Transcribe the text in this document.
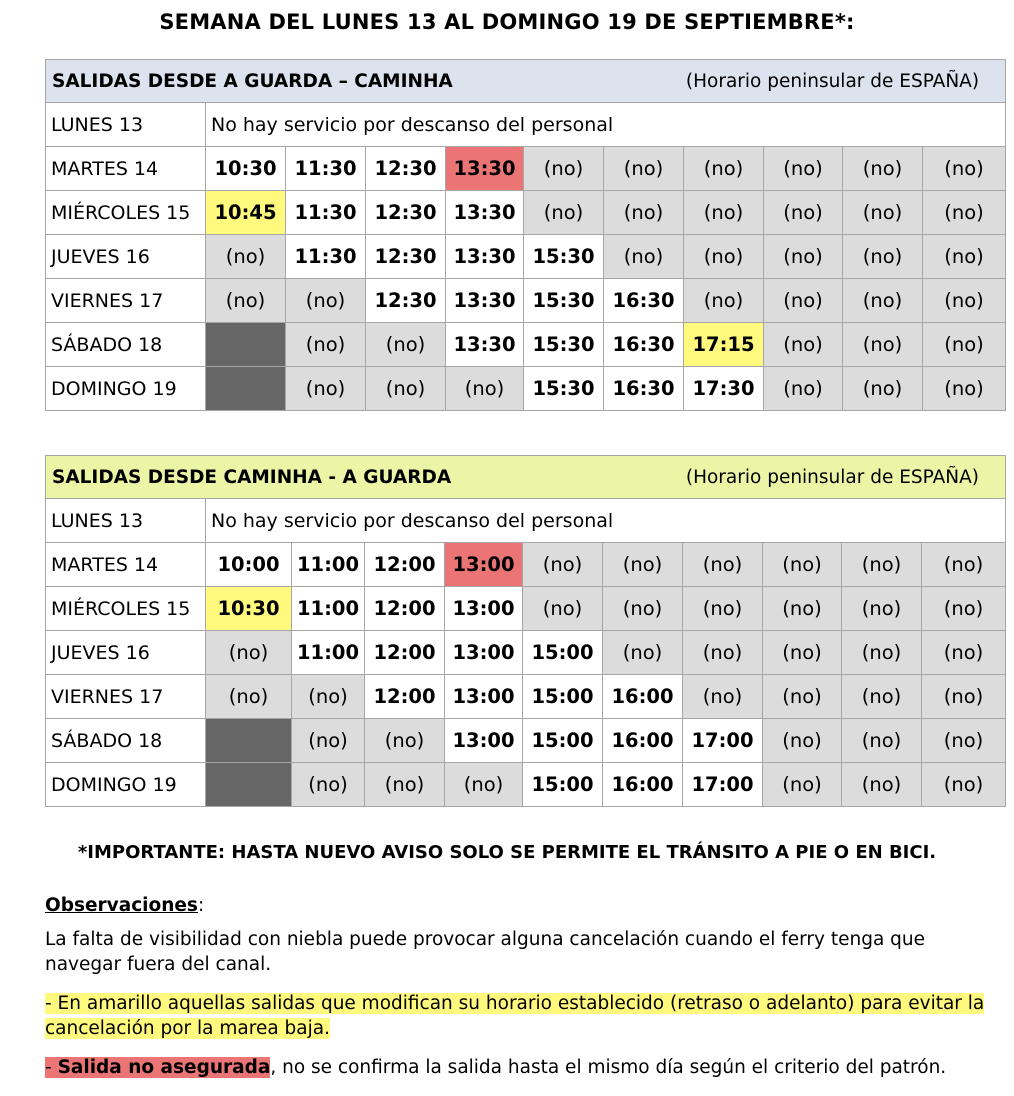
SEMANA DEL LUNES 13 AL DOMINGO 19 DE SEPTIEMBRE*:
(Horario peninsular de ESPAÑA)
SALIDAS DESDE A GUARDA – CAMINHA										
LUNES 13	No hay servicio por descanso del personal									
MARTES 14	10:30	11:30	12:30	13:30	(no)	(no)	(no)	(no)	(no)	(no)
MIÉRCOLES 15	10:45	11:30	12:30	13:30	(no)	(no)	(no)	(no)	(no)	(no)
JUEVES 16	(no)	11:30	12:30	13:30	15:30	(no)	(no)	(no)	(no)	(no)
VIERNES 17	(no)	(no)	12:30	13:30	15:30	16:30	(no)	(no)	(no)	(no)
SÁBADO 18		(no)	(no)	13:30	15:30	16:30	17:15	(no)	(no)	(no)
DOMINGO 19		(no)	(no)	(no)	15:30	16:30	17:30	(no)	(no)	(no)
(Horario peninsular de ESPAÑA)
SALIDAS DESDE CAMINHA - A GUARDA										
LUNES 13	No hay servicio por descanso del personal									
MARTES 14	10:00	11:00	12:00	13:00	(no)	(no)	(no)	(no)	(no)	(no)
MIÉRCOLES 15	10:30	11:00	12:00	13:00	(no)	(no)	(no)	(no)	(no)	(no)
JUEVES 16	(no)	11:00	12:00	13:00	15:00	(no)	(no)	(no)	(no)	(no)
VIERNES 17	(no)	(no)	12:00	13:00	15:00	16:00	(no)	(no)	(no)	(no)
SÁBADO 18		(no)	(no)	13:00	15:00	16:00	17:00	(no)	(no)	(no)
DOMINGO 19		(no)	(no)	(no)	15:00	16:00	17:00	(no)	(no)	(no)
*IMPORTANTE: HASTA NUEVO AVISO SOLO SE PERMITE EL TRÁNSITO A PIE O EN BICI.
Observaciones:
La falta de visibilidad con niebla puede provocar alguna cancelación cuando el ferry tenga que navegar fuera del canal.
- En amarillo aquellas salidas que modifican su horario establecido (retraso o adelanto) para evitar la cancelación por la marea baja.
- Salida no asegurada, no se confirma la salida hasta el mismo día según el criterio del patrón.
